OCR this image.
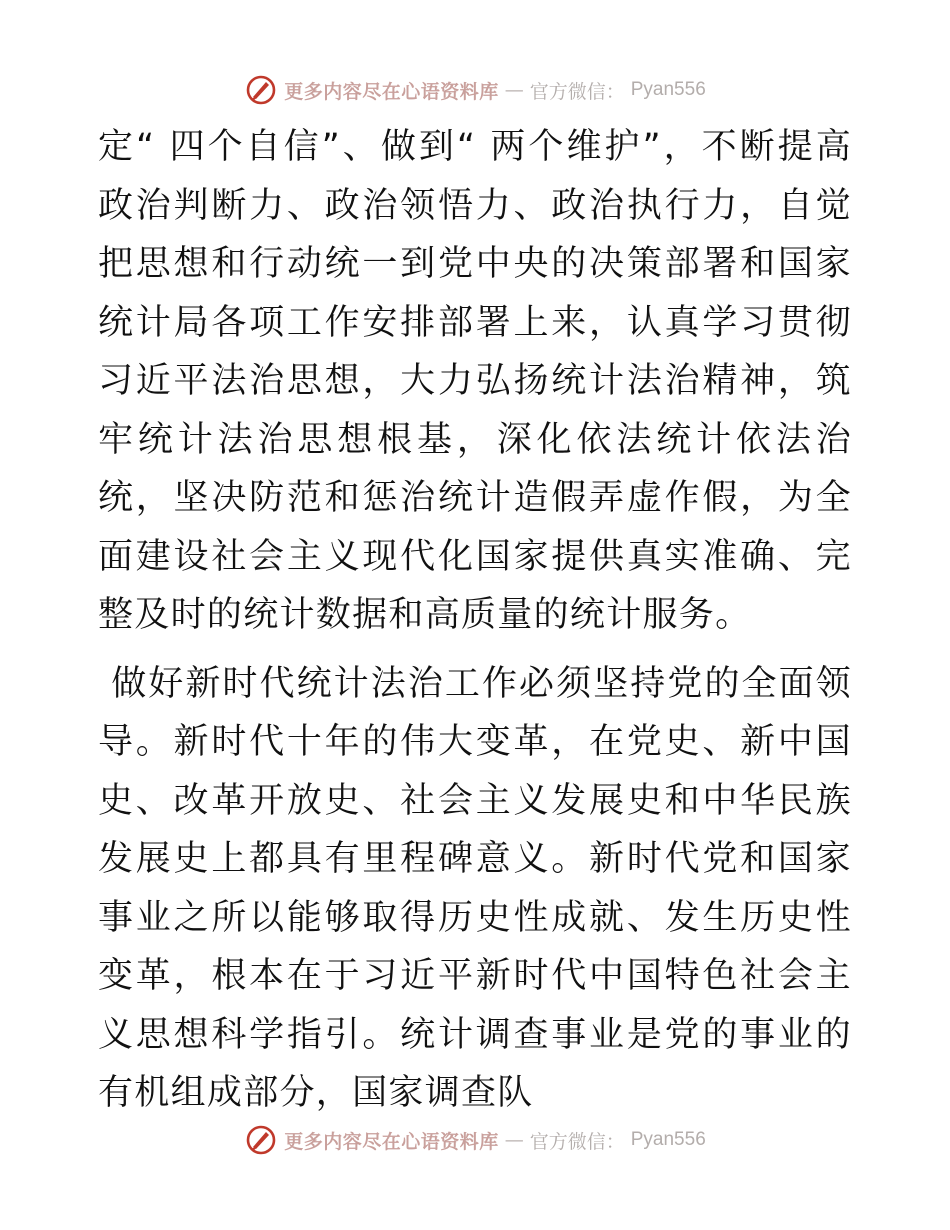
更多内容尽在心语资料库 — 官方微信： Pyan556

定“ 四个自信”、做到“ 两个维护”，不断提高政治判断力、政治领悟力、政治执行力，自觉把思想和行动统一到党中央的决策部署和国家统计局各项工作安排部署上来，认真学习贯彻习近平法治思想，大力弘扬统计法治精神，筑牢统计法治思想根基，深化依法统计依法治统，坚决防范和惩治统计造假弄虚作假，为全面建设社会主义现代化国家提供真实准确、完整及时的统计数据和高质量的统计服务。

做好新时代统计法治工作必须坚持党的全面领导。新时代十年的伟大变革，在党史、新中国史、改革开放史、社会主义发展史和中华民族发展史上都具有里程碑意义。新时代党和国家事业之所以能够取得历史性成就、发生历史性变革，根本在于习近平新时代中国特色社会主义思想科学指引。统计调查事业是党的事业的有机组成部分，国家调查队

更多内容尽在心语资料库 — 官方微信： Pyan556
